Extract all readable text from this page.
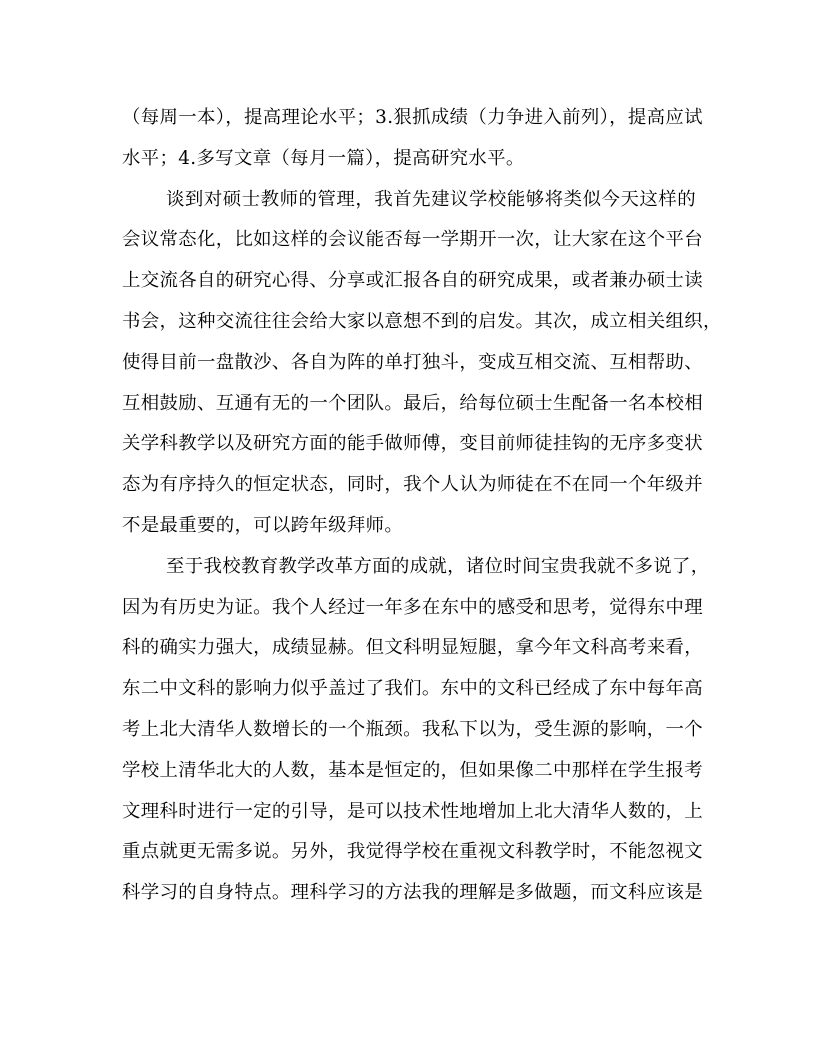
（每周一本），提高理论水平；3.狠抓成绩（力争进入前列），提高应试
水平；4.多写文章（每月一篇），提高研究水平。
谈到对硕士教师的管理，我首先建议学校能够将类似今天这样的
会议常态化，比如这样的会议能否每一学期开一次，让大家在这个平台
上交流各自的研究心得、分享或汇报各自的研究成果，或者兼办硕士读
书会，这种交流往往会给大家以意想不到的启发。其次，成立相关组织，
使得目前一盘散沙、各自为阵的单打独斗，变成互相交流、互相帮助、
互相鼓励、互通有无的一个团队。最后，给每位硕士生配备一名本校相
关学科教学以及研究方面的能手做师傅，变目前师徒挂钩的无序多变状
态为有序持久的恒定状态，同时，我个人认为师徒在不在同一个年级并
不是最重要的，可以跨年级拜师。
至于我校教育教学改革方面的成就，诸位时间宝贵我就不多说了，
因为有历史为证。我个人经过一年多在东中的感受和思考，觉得东中理
科的确实力强大，成绩显赫。但文科明显短腿，拿今年文科高考来看，
东二中文科的影响力似乎盖过了我们。东中的文科已经成了东中每年高
考上北大清华人数增长的一个瓶颈。我私下以为，受生源的影响，一个
学校上清华北大的人数，基本是恒定的，但如果像二中那样在学生报考
文理科时进行一定的引导，是可以技术性地增加上北大清华人数的，上
重点就更无需多说。另外，我觉得学校在重视文科教学时，不能忽视文
科学习的自身特点。理科学习的方法我的理解是多做题，而文科应该是
